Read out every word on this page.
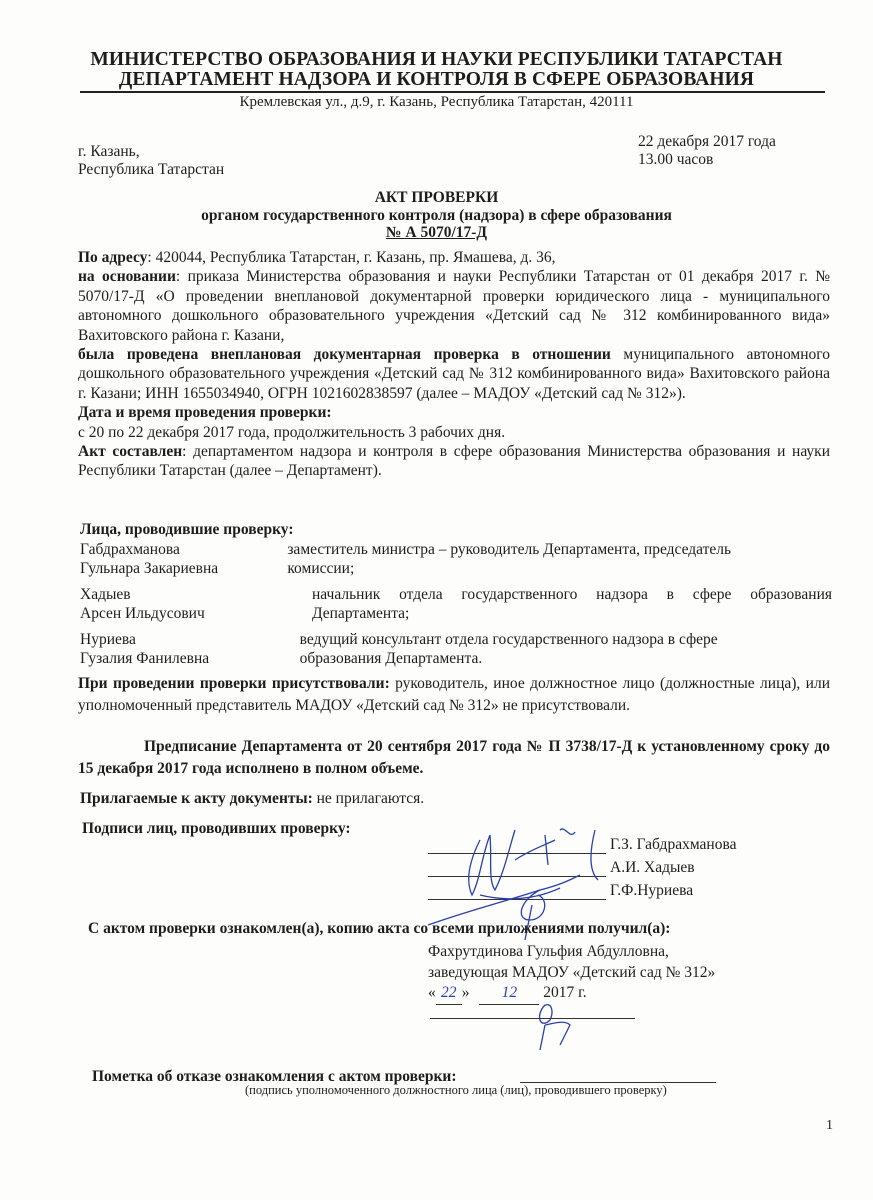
МИНИСТЕРСТВО ОБРАЗОВАНИЯ И НАУКИ РЕСПУБЛИКИ ТАТАРСТАН
ДЕПАРТАМЕНТ НАДЗОРА И КОНТРОЛЯ В СФЕРЕ ОБРАЗОВАНИЯ
Кремлевская ул., д.9, г. Казань, Республика Татарстан, 420111
г. Казань,
Республика Татарстан
22 декабря 2017 года
13.00 часов
АКТ ПРОВЕРКИ
органом государственного контроля (надзора) в сфере образования
№ А 5070/17-Д

По адресу: 420044, Республика Татарстан, г. Казань, пр. Ямашева, д. 36,

на основании: приказа Министерства образования и науки Республики Татарстан от 01 декабря 2017 г. № 5070/17-Д «О проведении внеплановой документарной проверки юридического лица - муниципального автономного дошкольного образовательного учреждения «Детский сад № 312 комбинированного вида» Вахитовского района г. Казани,

была проведена внеплановая документарная проверка в отношении муниципального автономного дошкольного образовательного учреждения «Детский сад № 312 комбинированного вида» Вахитовского района г. Казани; ИНН 1655034940, ОГРН 1021602838597 (далее – МАДОУ «Детский сад № 312»).

Дата и время проведения проверки:

с 20 по 22 декабря 2017 года, продолжительность 3 рабочих дня.

Акт составлен: департаментом надзора и контроля в сфере образования Министерства образования и науки Республики Татарстан (далее – Департамент).

Лица, проводившие проверку:
Габдрахманова
Гульнара Закариевна
заместитель министра – руководитель Департамента, председатель комиссии;
Хадыев
Арсен Ильдусович
начальник отдела государственного надзора в сфере образования Департамента;
Нуриева
Гузалия Фанилевна
ведущий консультант отдела государственного надзора в сфере образования Департамента.
При проведении проверки присутствовали: руководитель, иное должностное лицо (должностные лица), или уполномоченный представитель МАДОУ «Детский сад № 312» не присутствовали.
Предписание Департамента от 20 сентября 2017 года № П 3738/17-Д к установленному сроку до 15 декабря 2017 года исполнено в полном объеме.
Прилагаемые к акту документы: не прилагаются.
Подписи лиц, проводивших проверку:
Г.З. Габдрахманова
А.И. Хадыев
Г.Ф.Нуриева
С актом проверки ознакомлен(а), копию акта со всеми приложениями получил(а):
Фахрутдинова Гульфия Абдулловна,
заведующая МАДОУ «Детский сад № 312»
« 22 » 12 2017 г.
Пометка об отказе ознакомления с актом проверки:
(подпись уполномоченного должностного лица (лиц), проводившего проверку)
1
